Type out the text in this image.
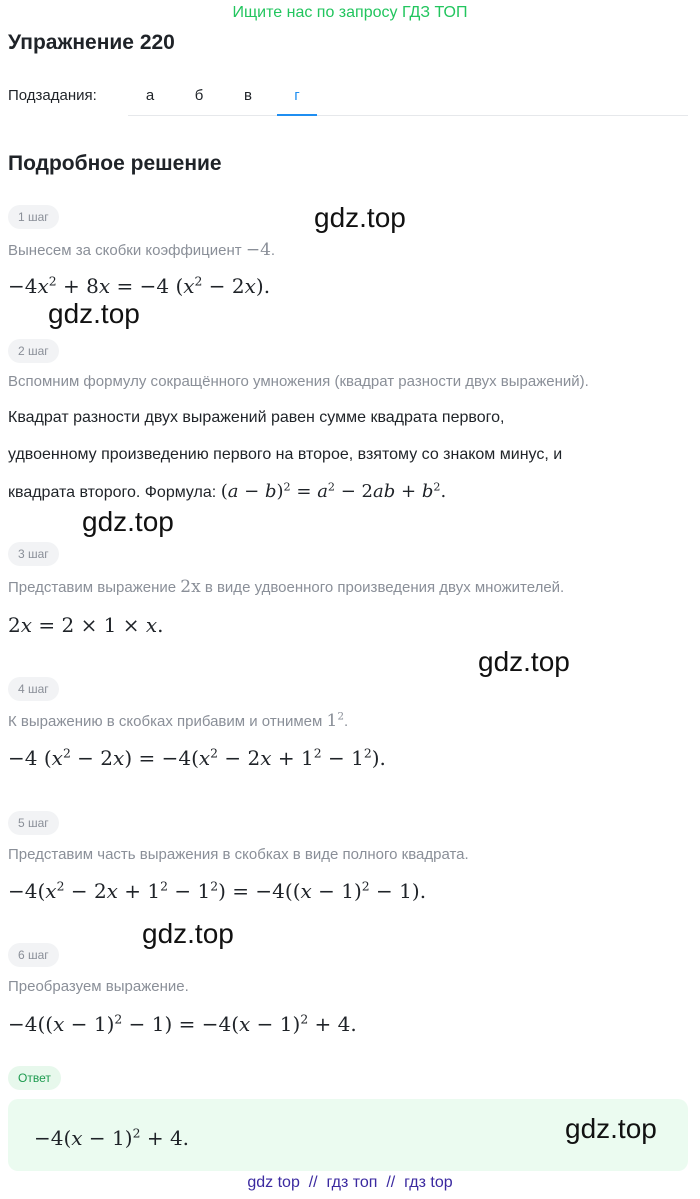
Ищите нас по запросу ГДЗ ТОП
Упражнение 220
Подзадания:	а	б	в	г
Подробное решение
1 шаг	gdz.top
Вынесем за скобки коэффициент −4.
$-4x^2 + 8x = -4$ $(x^2 - 2x)$.
gdz.top
2 шаг
Вспомним формулу сокращённого умножения (квадрат разности двух выражений).
Квадрат разности двух выражений равен сумме квадрата первого,
удвоенному произведению первого на второе, взятому со знаком минус, и
квадрата второго. Формула: $(a - b)^2 = a^2 - 2ab + b^2$.
gdz.top
3 шаг
Представим выражение 2x в виде удвоенного произведения двух множителей.
2x = 2 × 1 × x.
gdz.top
4 шаг
К выражению в скобках прибавим и отнимем $1^2$.
−4 $(x^2 - 2x) = -4(x^2 - 2x + 1^2 - 1^2)$.
5 шаг
Представим часть выражения в скобках в виде полного квадрата.
$-4(x^2 - 2x + 1^2 - 1^2) = -4((x - 1)^2 - 1)$.
gdz.top
6 шаг
Преобразуем выражение.
$-4((x - 1)^2 - 1) = -4(x - 1)^2 + 4$.
Ответ
$-4(x - 1)^2 + 4$.	gdz.top
gdz top // гдз топ // гдз top
